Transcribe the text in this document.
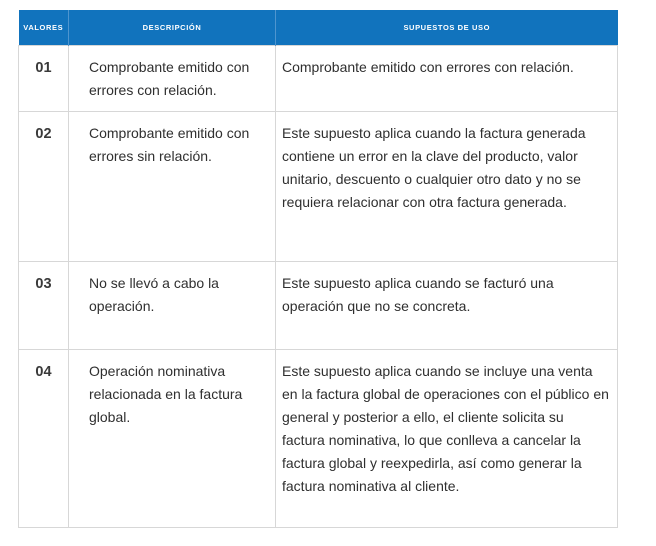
VALORES	DESCRIPCIÓN	SUPUESTOS DE USO
01	Comprobante emitido con errores con relación.	Comprobante emitido con errores con relación.
02	Comprobante emitido con errores sin relación.	Este supuesto aplica cuando la factura generada contiene un error en la clave del producto, valor unitario, descuento o cualquier otro dato y no se requiera relacionar con otra factura generada.
03	No se llevó a cabo la operación.	Este supuesto aplica cuando se facturó una operación que no se concreta.
04	Operación nominativa relacionada en la factura global.	Este supuesto aplica cuando se incluye una venta en la factura global de operaciones con el público en general y posterior a ello, el cliente solicita su factura nominativa, lo que conlleva a cancelar la factura global y reexpedirla, así como generar la factura nominativa al cliente.
